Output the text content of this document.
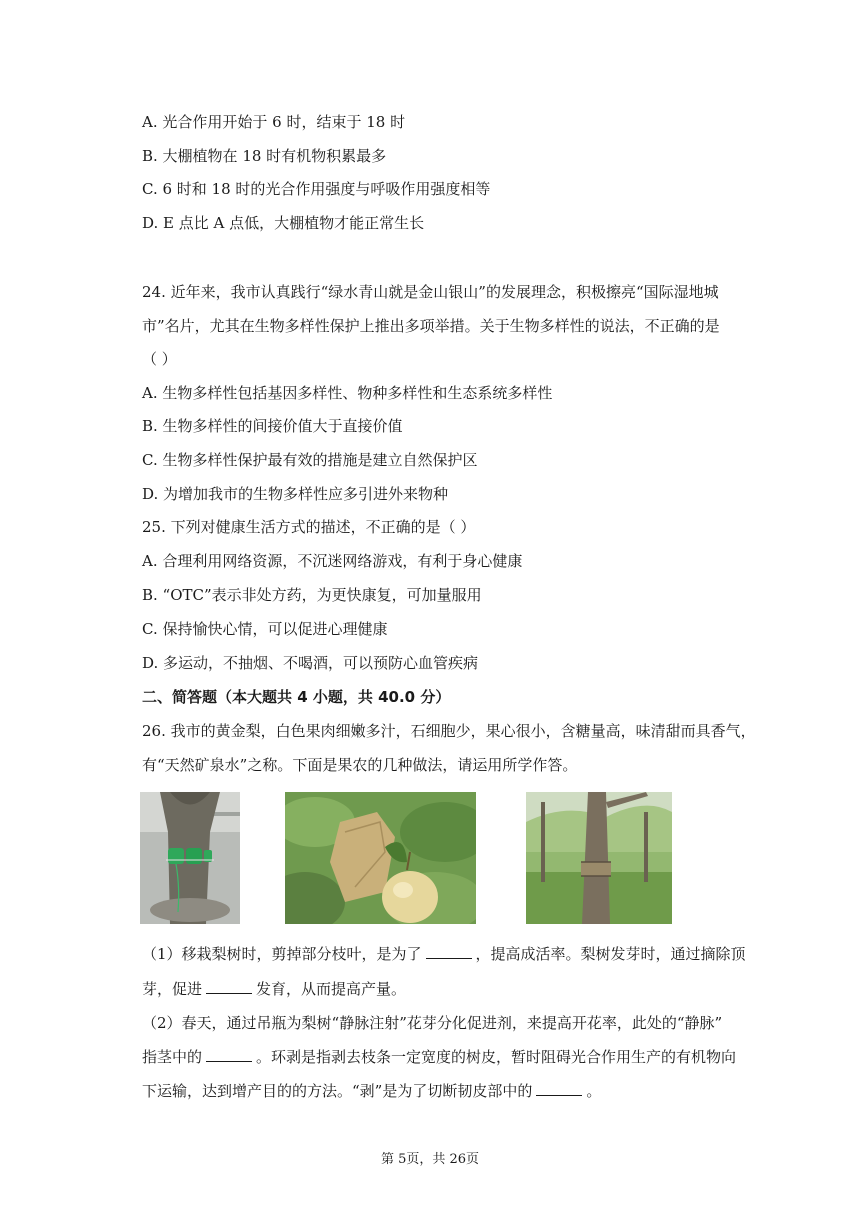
A. 光合作用开始于 6 时，结束于 18 时
B. 大棚植物在 18 时有机物积累最多
C. 6 时和 18 时的光合作用强度与呼吸作用强度相等
D. E 点比 A 点低，大棚植物才能正常生长
24. 近年来，我市认真践行“绿水青山就是金山银山”的发展理念，积极擦亮“国际湿地城
市”名片，尤其在生物多样性保护上推出多项举措。关于生物多样性的说法，不正确的是
（ ）
A. 生物多样性包括基因多样性、物种多样性和生态系统多样性
B. 生物多样性的间接价值大于直接价值
C. 生物多样性保护最有效的措施是建立自然保护区
D. 为增加我市的生物多样性应多引进外来物种
25. 下列对健康生活方式的描述，不正确的是（ ）
A. 合理利用网络资源，不沉迷网络游戏，有利于身心健康
B. “OTC”表示非处方药，为更快康复，可加量服用
C. 保持愉快心情，可以促进心理健康
D. 多运动，不抽烟、不喝酒，可以预防心血管疾病
二、简答题（本大题共 4 小题，共 40.0 分）
26. 我市的黄金梨，白色果肉细嫩多汁，石细胞少，果心很小，含糖量高，味清甜而具香气，
有“天然矿泉水”之称。下面是果农的几种做法，请运用所学作答。
（1）移栽梨树时，剪掉部分枝叶，是为了	，提高成活率。梨树发芽时，通过摘除顶
芽，促进	发育，从而提高产量。
（2）春天，通过吊瓶为梨树“静脉注射”花芽分化促进剂，来提高开花率，此处的“静脉”
指茎中的	。环剥是指剥去枝条一定宽度的树皮，暂时阻碍光合作用生产的有机物向
下运输，达到增产目的的方法。“剥”是为了切断韧皮部中的	。
第 5页，共 26页
